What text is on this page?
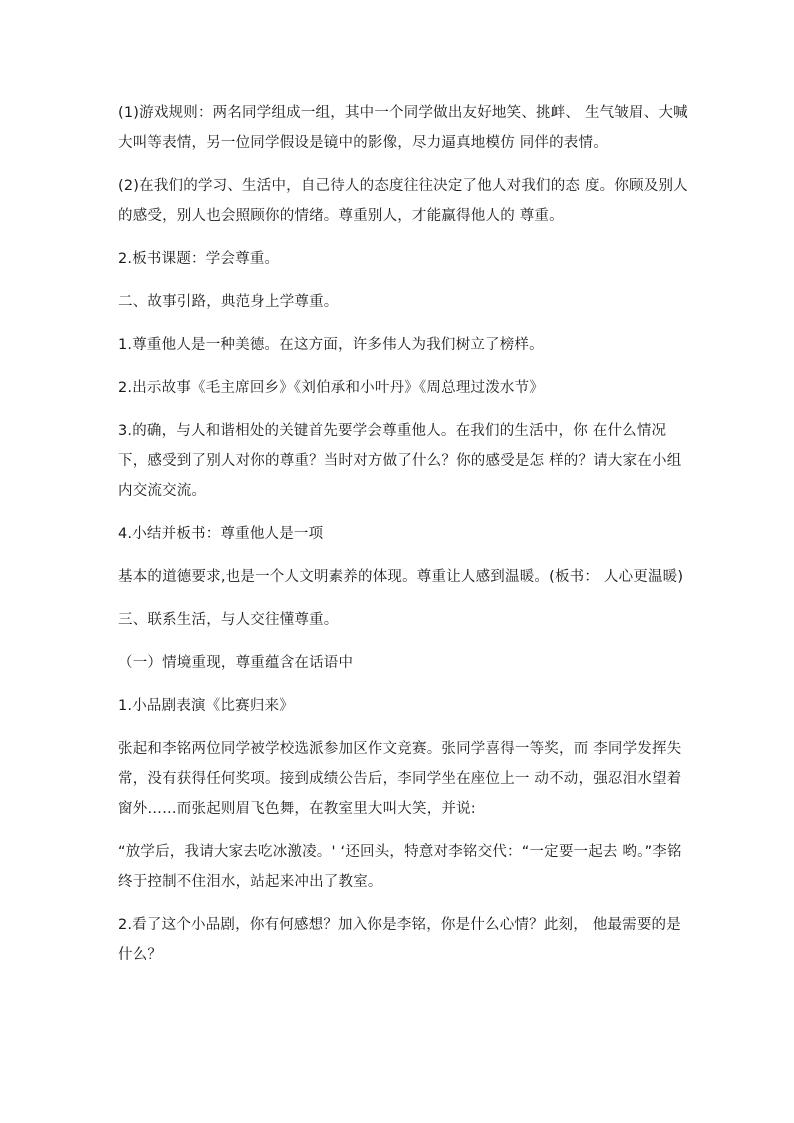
(1)游戏规则：两名同学组成一组，其中一个同学做出友好地笑、挑衅、 生气皱眉、大喊大叫等表情，另一位同学假设是镜中的影像，尽力逼真地模仿 同伴的表情。

(2)在我们的学习、生活中，自己待人的态度往往决定了他人对我们的态 度。你顾及别人的感受，别人也会照顾你的情绪。尊重别人，才能赢得他人的 尊重。

2.板书课题：学会尊重。

二、故事引路，典范身上学尊重。

1.尊重他人是一种美德。在这方面，许多伟人为我们树立了榜样。

2.出示故事《毛主席回乡》《刘伯承和小叶丹》《周总理过泼水节》

3.的确，与人和谐相处的关键首先要学会尊重他人。在我们的生活中，你 在什么情况下，感受到了别人对你的尊重？当时对方做了什么？你的感受是怎 样的？请大家在小组内交流交流。

4.小结并板书：尊重他人是一项

基本的道德要求,也是一个人文明素养的体现。尊重让人感到温暖。(板书： 人心更温暖)

三、联系生活，与人交往懂尊重。

（一）情境重现，尊重蕴含在话语中

1.小品剧表演《比赛归来》

张起和李铭两位同学被学校选派参加区作文竞赛。张同学喜得一等奖，而 李同学发挥失常，没有获得任何奖项。接到成绩公告后，李同学坐在座位上一 动不动，强忍泪水望着窗外……而张起则眉飞色舞，在教室里大叫大笑，并说:

“放学后，我请大家去吃冰激凌。' ‘还回头，特意对李铭交代：“一定要一起去 哟。”李铭终于控制不住泪水，站起来冲出了教室。

2.看了这个小品剧，你有何感想？加入你是李铭，你是什么心情？此刻， 他最需要的是什么？
